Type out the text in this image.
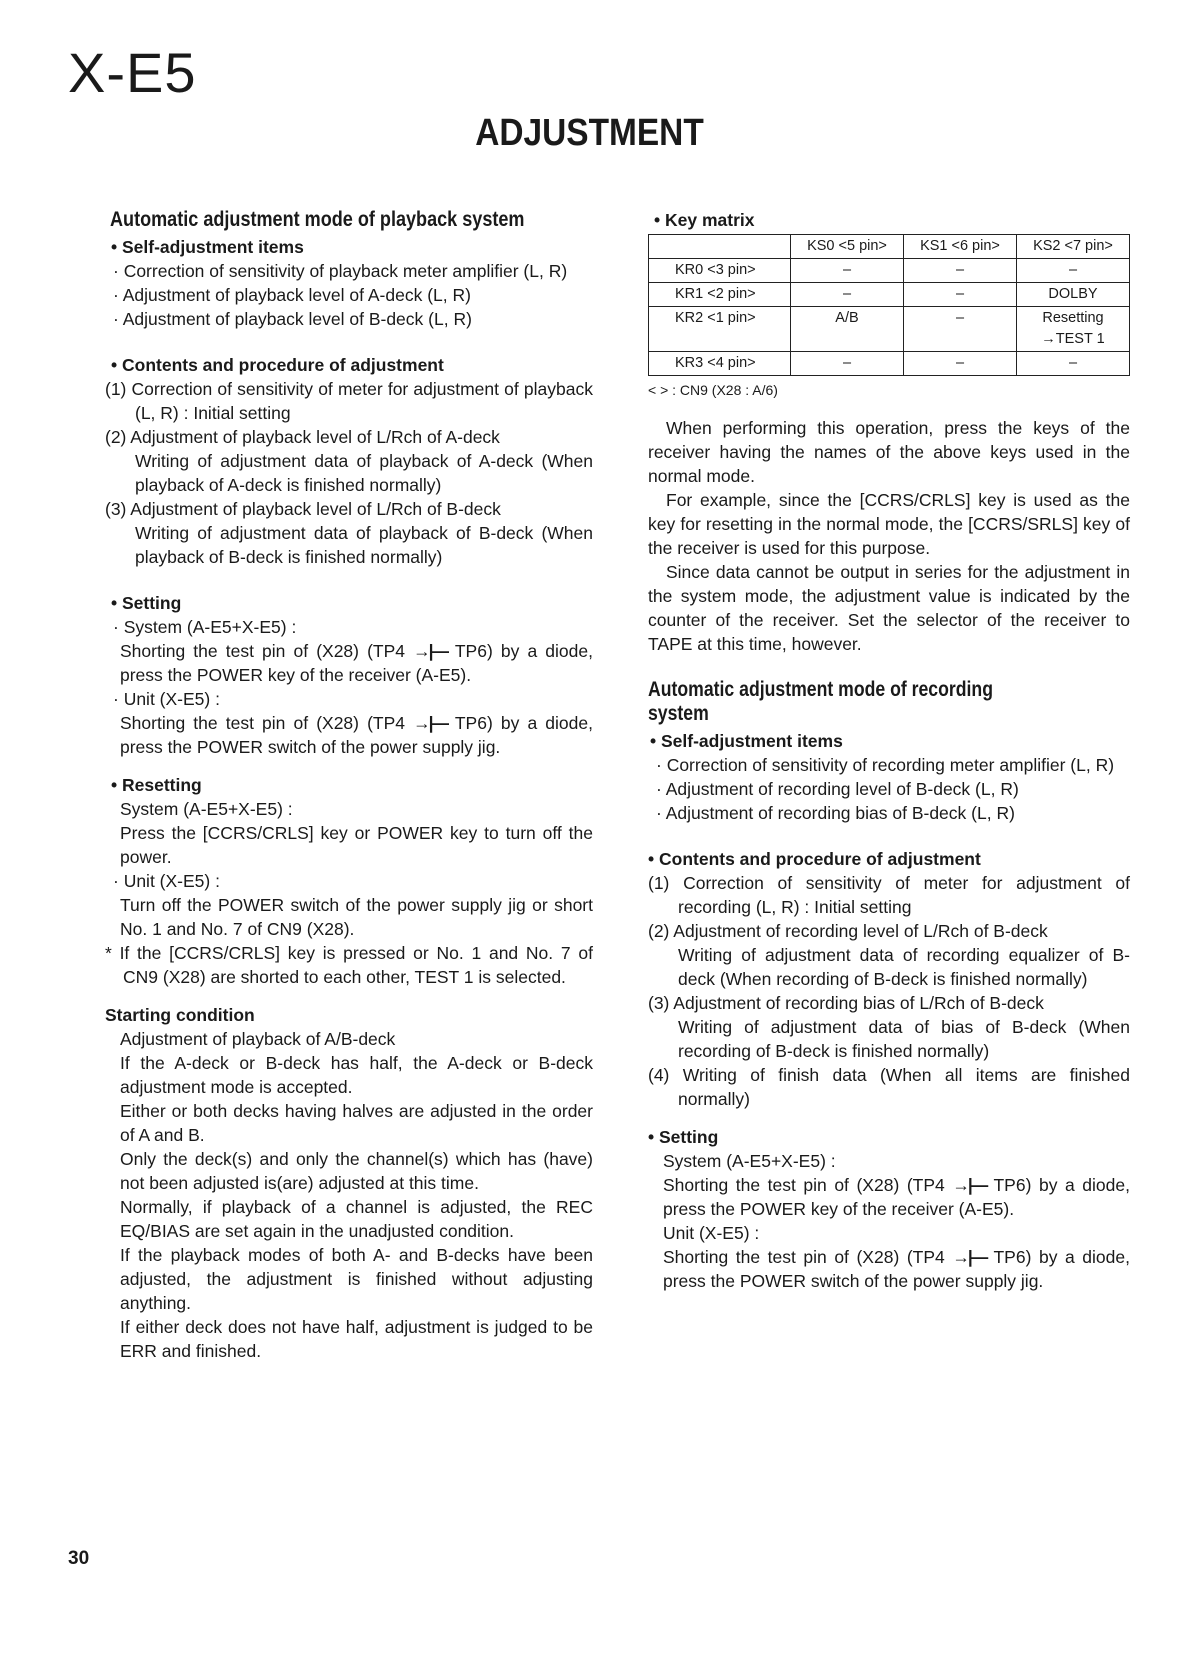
X-E5
ADJUSTMENT
Automatic adjustment mode of playback system
• Self-adjustment items
· Correction of sensitivity of playback meter amplifier (L, R)
· Adjustment of playback level of A-deck (L, R)
· Adjustment of playback level of B-deck (L, R)
• Contents and procedure of adjustment
(1) Correction of sensitivity of meter for adjustment of playback (L, R) : Initial setting
(2) Adjustment of playback level of L/Rch of A-deck
Writing of adjustment data of playback of A-deck (When playback of A-deck is finished normally)
(3) Adjustment of playback level of L/Rch of B-deck
Writing of adjustment data of playback of B-deck (When playback of B-deck is finished normally)
• Setting
· System (A-E5+X-E5) :
Shorting the test pin of (X28) (TP4 →|— TP6) by a diode, press the POWER key of the receiver (A-E5).
· Unit (X-E5) :
Shorting the test pin of (X28) (TP4 →|— TP6) by a diode, press the POWER switch of the power supply jig.
• Resetting
System (A-E5+X-E5) :
Press the [CCRS/CRLS] key or POWER key to turn off the power.
· Unit (X-E5) :
Turn off the POWER switch of the power supply jig or short No. 1 and No. 7 of CN9 (X28).
* If the [CCRS/CRLS] key is pressed or No. 1 and No. 7 of CN9 (X28) are shorted to each other, TEST 1 is selected.
Starting condition
Adjustment of playback of A/B-deck
If the A-deck or B-deck has half, the A-deck or B-deck adjustment mode is accepted.
Either or both decks having halves are adjusted in the order of A and B.
Only the deck(s) and only the channel(s) which has (have) not been adjusted is(are) adjusted at this time.
Normally, if playback of a channel is adjusted, the REC EQ/BIAS are set again in the unadjusted condition.
If the playback modes of both A- and B-decks have been adjusted, the adjustment is finished without adjusting anything.
If either deck does not have half, adjustment is judged to be ERR and finished.
• Key matrix
	KS0 <5 pin>	KS1 <6 pin>	KS2 <7 pin>
KR0 <3 pin>	–	–	–
KR1 <2 pin>	–	–	DOLBY
KR2 <1 pin>	A/B	–	Resetting
→TEST 1
KR3 <4 pin>	–	–	–
< > : CN9 (X28 : A/6)
When performing this operation, press the keys of the receiver having the names of the above keys used in the normal mode.
For example, since the [CCRS/CRLS] key is used as the key for resetting in the normal mode, the [CCRS/SRLS] key of the receiver is used for this purpose.
Since data cannot be output in series for the adjustment in the system mode, the adjustment value is indicated by the counter of the receiver. Set the selector of the receiver to TAPE at this time, however.
Automatic adjustment mode of recording system
• Self-adjustment items
· Correction of sensitivity of recording meter amplifier (L, R)
· Adjustment of recording level of B-deck (L, R)
· Adjustment of recording bias of B-deck (L, R)
• Contents and procedure of adjustment
(1) Correction of sensitivity of meter for adjustment of recording (L, R) : Initial setting
(2) Adjustment of recording level of L/Rch of B-deck
Writing of adjustment data of recording equalizer of B-deck (When recording of B-deck is finished normally)
(3) Adjustment of recording bias of L/Rch of B-deck
Writing of adjustment data of bias of B-deck (When recording of B-deck is finished normally)
(4) Writing of finish data (When all items are finished normally)
• Setting
System (A-E5+X-E5) :
Shorting the test pin of (X28) (TP4 →|— TP6) by a diode, press the POWER key of the receiver (A-E5).
Unit (X-E5) :
Shorting the test pin of (X28) (TP4 →|— TP6) by a diode, press the POWER switch of the power supply jig.
30
